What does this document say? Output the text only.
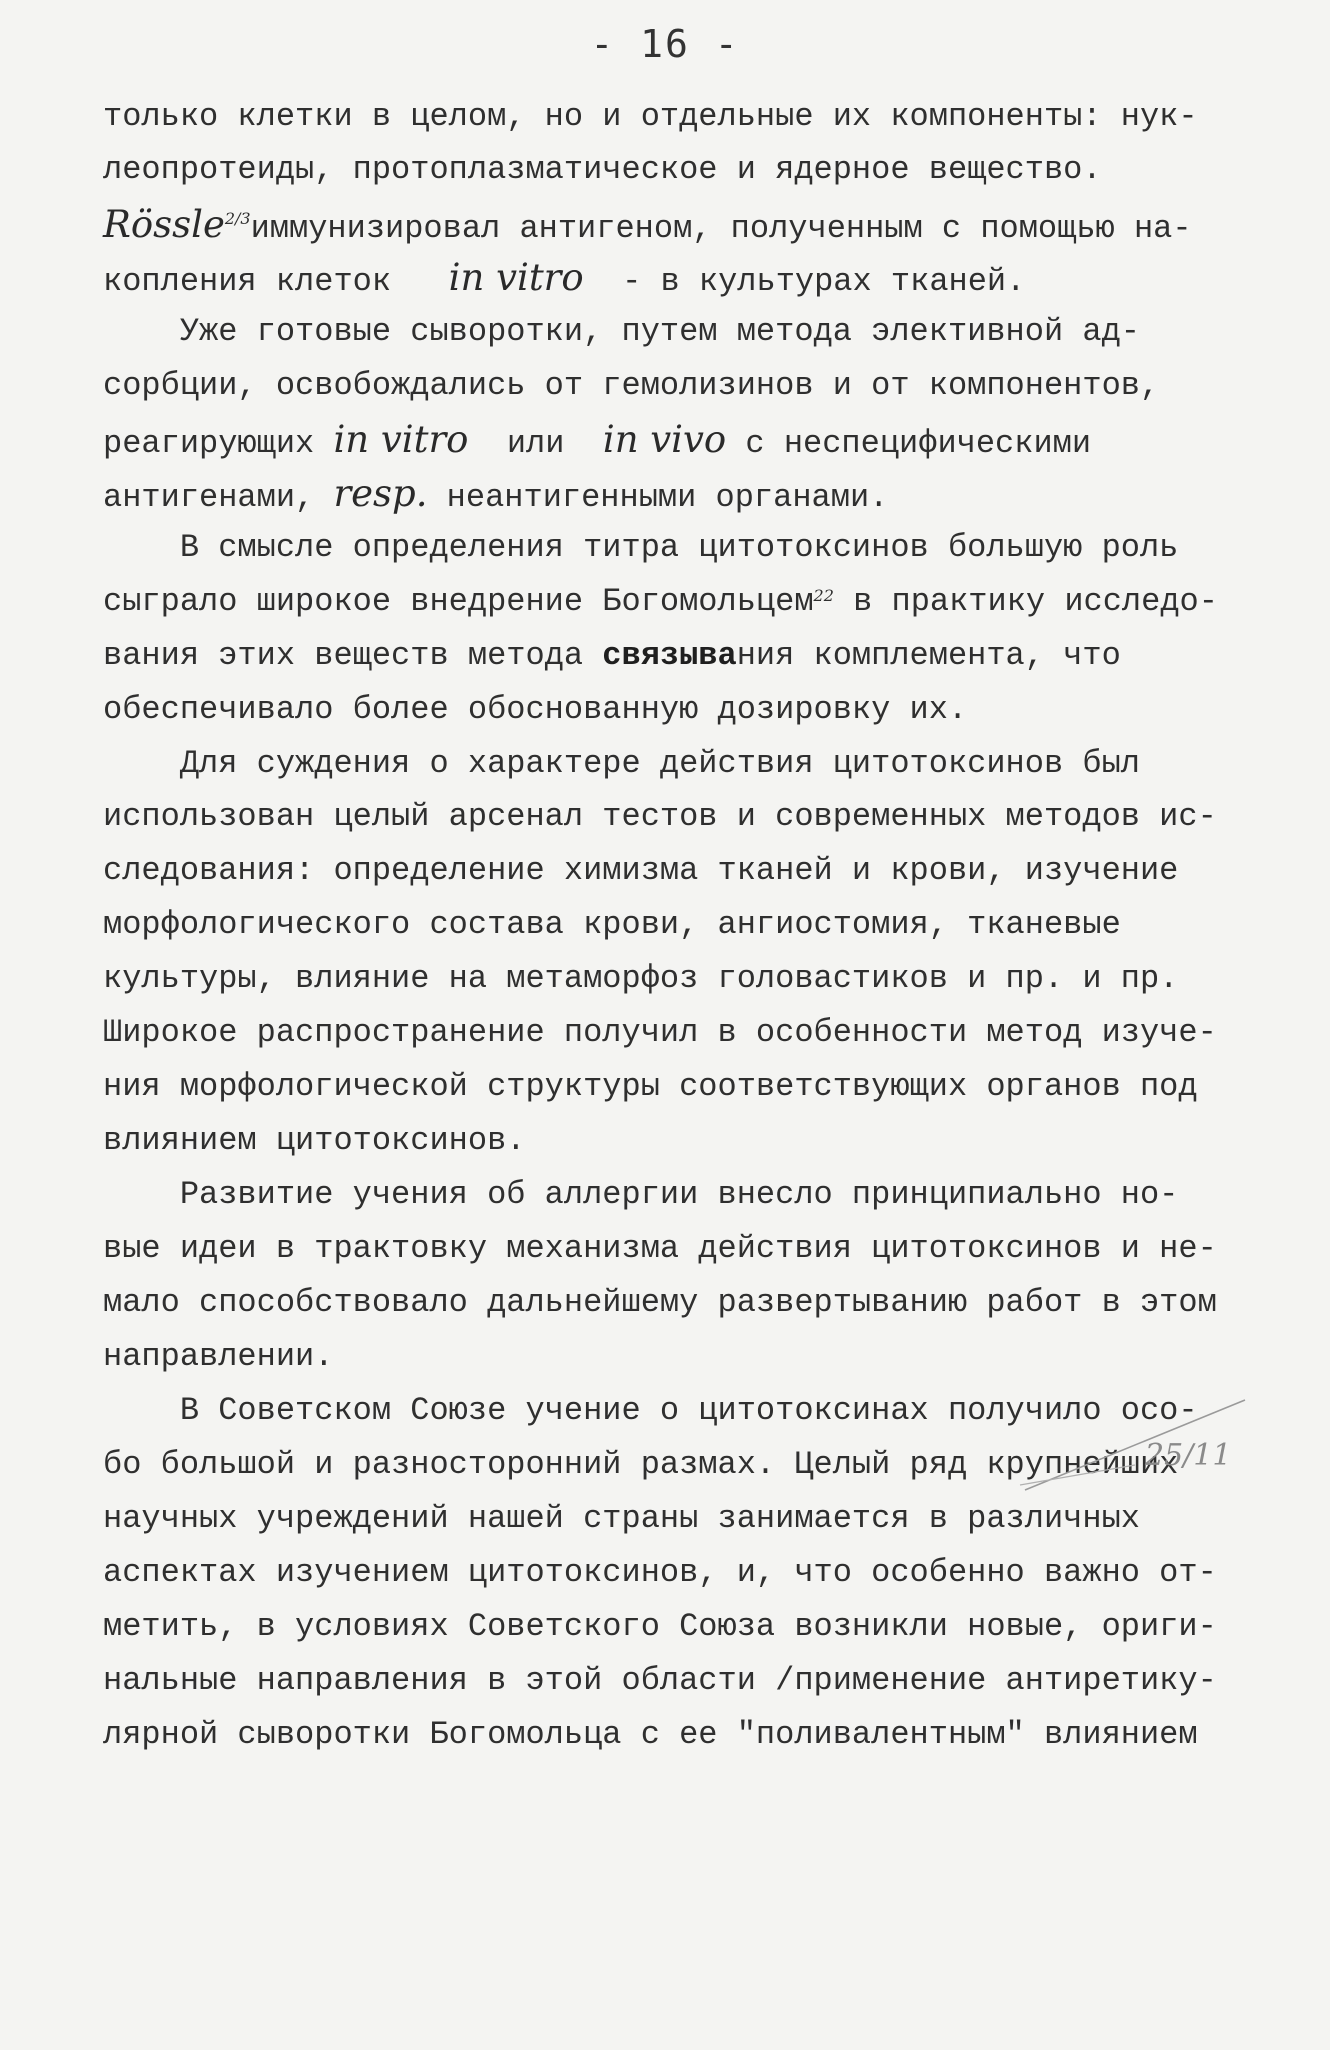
- 16 -
только клетки в целом, но и отдельные их компоненты: нук-
леопротеиды, протоплазматическое и ядерное вещество.
Rössle$^{2/3}$иммунизировал антигеном, полученным с помощью на-
копления клеток   in vitro  - в культурах тканей.
Уже готовые сыворотки, путем метода элективной ад-
сорбции, освобождались от гемолизинов и от компонентов,
реагирующих in vitro  или  in vivo с неспецифическими
антигенами, resp. неантигенными органами.
В смысле определения титра цитотоксинов большую роль
сыграло широкое внедрение Богомольцем$^{22}$ в практику исследо-
вания этих веществ метода связывания комплемента, что
обеспечивало более обоснованную дозировку их.
Для суждения о характере действия цитотоксинов был
использован целый арсенал тестов и современных методов ис-
следования: определение химизма тканей и крови, изучение
морфологического состава крови, ангиостомия, тканевые
культуры, влияние на метаморфоз головастиков и пр. и пр.
Широкое распространение получил в особенности метод изуче-
ния морфологической структуры соответствующих органов под
влиянием цитотоксинов.
Развитие учения об аллергии внесло принципиально но-
вые идеи в трактовку механизма действия цитотоксинов и не-
мало способствовало дальнейшему развертыванию работ в этом
направлении.
В Советском Союзе учение о цитотоксинах получило осо-
бо большой и разносторонний размах. Целый ряд крупнейших
научных учреждений нашей страны занимается в различных
аспектах изучением цитотоксинов, и, что особенно важно от-
метить, в условиях Советского Союза возникли новые, ориги-
нальные направления в этой области /применение антиретику-
лярной сыворотки Богомольца с ее "поливалентным" влиянием
25/11
